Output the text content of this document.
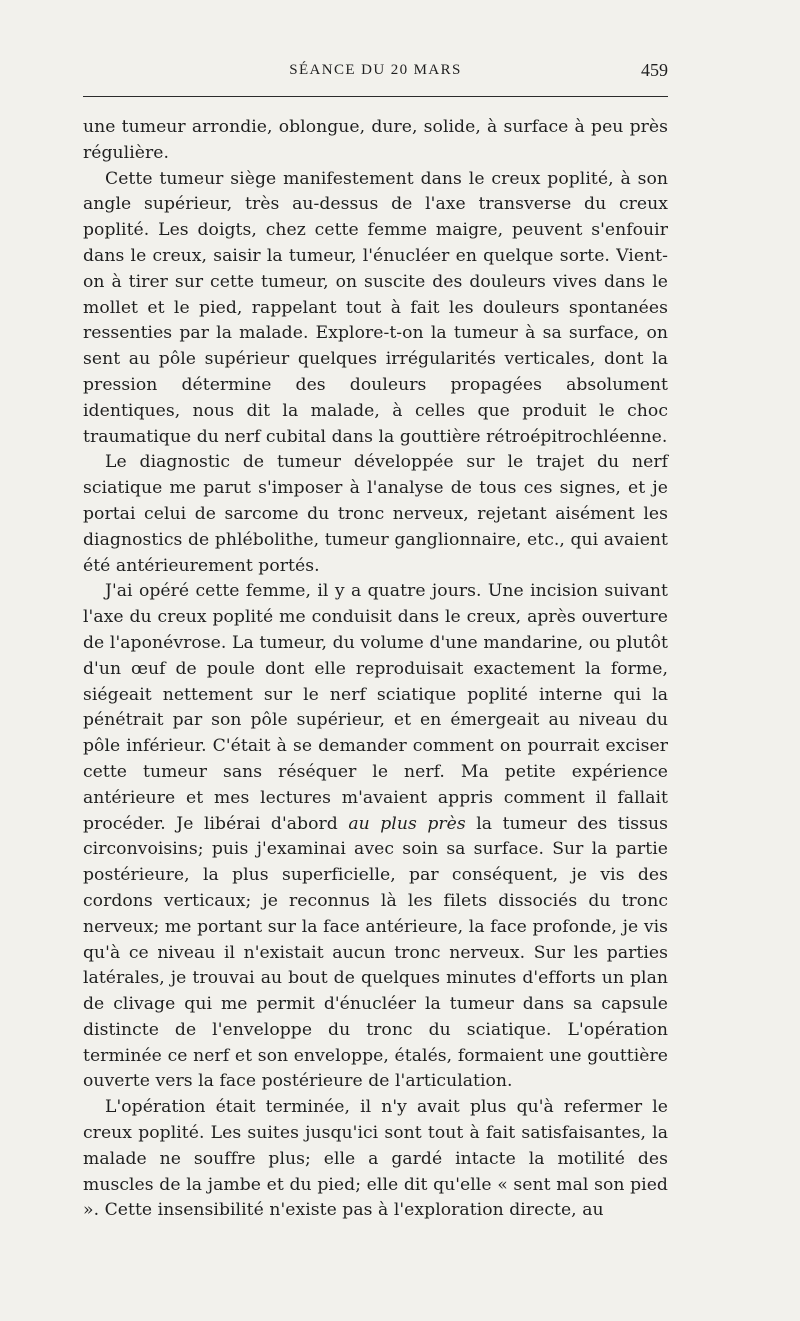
SÉANCE DU 20 MARS	459

une tumeur arrondie, oblongue, dure, solide, à surface à peu près régulière.

Cette tumeur siège manifestement dans le creux poplité, à son angle supérieur, très au-dessus de l'axe transverse du creux poplité. Les doigts, chez cette femme maigre, peuvent s'enfouir dans le creux, saisir la tumeur, l'énucléer en quelque sorte. Vient-on à tirer sur cette tumeur, on suscite des douleurs vives dans le mollet et le pied, rappelant tout à fait les douleurs spontanées ressenties par la malade. Explore-t-on la tumeur à sa surface, on sent au pôle supérieur quelques irrégularités verticales, dont la pression détermine des douleurs propagées absolument identiques, nous dit la malade, à celles que produit le choc traumatique du nerf cubital dans la gouttière rétroépitrochléenne.

Le diagnostic de tumeur développée sur le trajet du nerf sciatique me parut s'imposer à l'analyse de tous ces signes, et je portai celui de sarcome du tronc nerveux, rejetant aisément les diagnostics de phlébolithe, tumeur ganglionnaire, etc., qui avaient été antérieurement portés.

J'ai opéré cette femme, il y a quatre jours. Une incision suivant l'axe du creux poplité me conduisit dans le creux, après ouverture de l'aponévrose. La tumeur, du volume d'une mandarine, ou plutôt d'un œuf de poule dont elle reproduisait exactement la forme, siégeait nettement sur le nerf sciatique poplité interne qui la pénétrait par son pôle supérieur, et en émergeait au niveau du pôle inférieur. C'était à se demander comment on pourrait exciser cette tumeur sans réséquer le nerf. Ma petite expérience antérieure et mes lectures m'avaient appris comment il fallait procéder. Je libérai d'abord au plus près la tumeur des tissus circonvoisins; puis j'examinai avec soin sa surface. Sur la partie postérieure, la plus superficielle, par conséquent, je vis des cordons verticaux; je reconnus là les filets dissociés du tronc nerveux; me portant sur la face antérieure, la face profonde, je vis qu'à ce niveau il n'existait aucun tronc nerveux. Sur les parties latérales, je trouvai au bout de quelques minutes d'efforts un plan de clivage qui me permit d'énucléer la tumeur dans sa capsule distincte de l'enveloppe du tronc du sciatique. L'opération terminée ce nerf et son enveloppe, étalés, formaient une gouttière ouverte vers la face postérieure de l'articulation.

L'opération était terminée, il n'y avait plus qu'à refermer le creux poplité. Les suites jusqu'ici sont tout à fait satisfaisantes, la malade ne souffre plus; elle a gardé intacte la motilité des muscles de la jambe et du pied; elle dit qu'elle « sent mal son pied ». Cette insensibilité n'existe pas à l'exploration directe, au
